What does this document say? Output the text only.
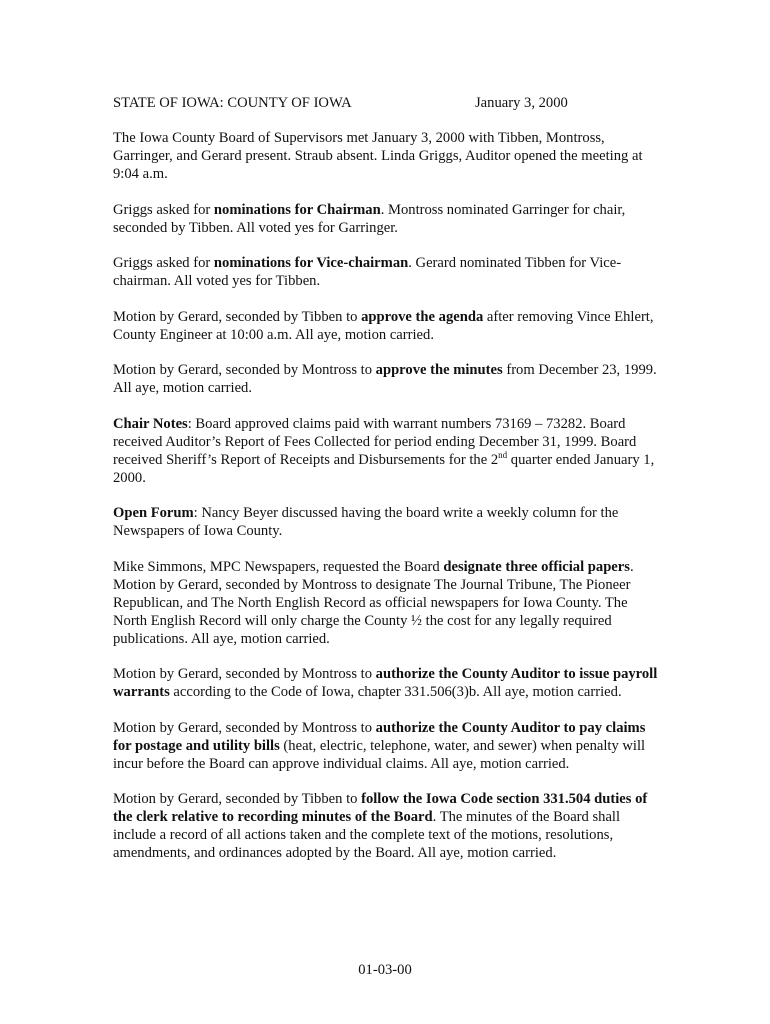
STATE OF IOWA: COUNTY OF IOWA	January 3, 2000

The Iowa County Board of Supervisors met January 3, 2000 with Tibben, Montross, Garringer, and Gerard present. Straub absent. Linda Griggs, Auditor opened the meeting at 9:04 a.m.

Griggs asked for nominations for Chairman. Montross nominated Garringer for chair, seconded by Tibben. All voted yes for Garringer.

Griggs asked for nominations for Vice-chairman. Gerard nominated Tibben for Vice-chairman. All voted yes for Tibben.

Motion by Gerard, seconded by Tibben to approve the agenda after removing Vince Ehlert, County Engineer at 10:00 a.m. All aye, motion carried.

Motion by Gerard, seconded by Montross to approve the minutes from December 23, 1999. All aye, motion carried.

Chair Notes: Board approved claims paid with warrant numbers 73169 – 73282. Board received Auditor’s Report of Fees Collected for period ending December 31, 1999. Board received Sheriff’s Report of Receipts and Disbursements for the 2nd quarter ended January 1, 2000.

Open Forum: Nancy Beyer discussed having the board write a weekly column for the Newspapers of Iowa County.

Mike Simmons, MPC Newspapers, requested the Board designate three official papers. Motion by Gerard, seconded by Montross to designate The Journal Tribune, The Pioneer Republican, and The North English Record as official newspapers for Iowa County. The North English Record will only charge the County ½ the cost for any legally required publications. All aye, motion carried.

Motion by Gerard, seconded by Montross to authorize the County Auditor to issue payroll warrants according to the Code of Iowa, chapter 331.506(3)b. All aye, motion carried.

Motion by Gerard, seconded by Montross to authorize the County Auditor to pay claims for postage and utility bills (heat, electric, telephone, water, and sewer) when penalty will incur before the Board can approve individual claims. All aye, motion carried.

Motion by Gerard, seconded by Tibben to follow the Iowa Code section 331.504 duties of the clerk relative to recording minutes of the Board. The minutes of the Board shall include a record of all actions taken and the complete text of the motions, resolutions, amendments, and ordinances adopted by the Board. All aye, motion carried.

01-03-00
